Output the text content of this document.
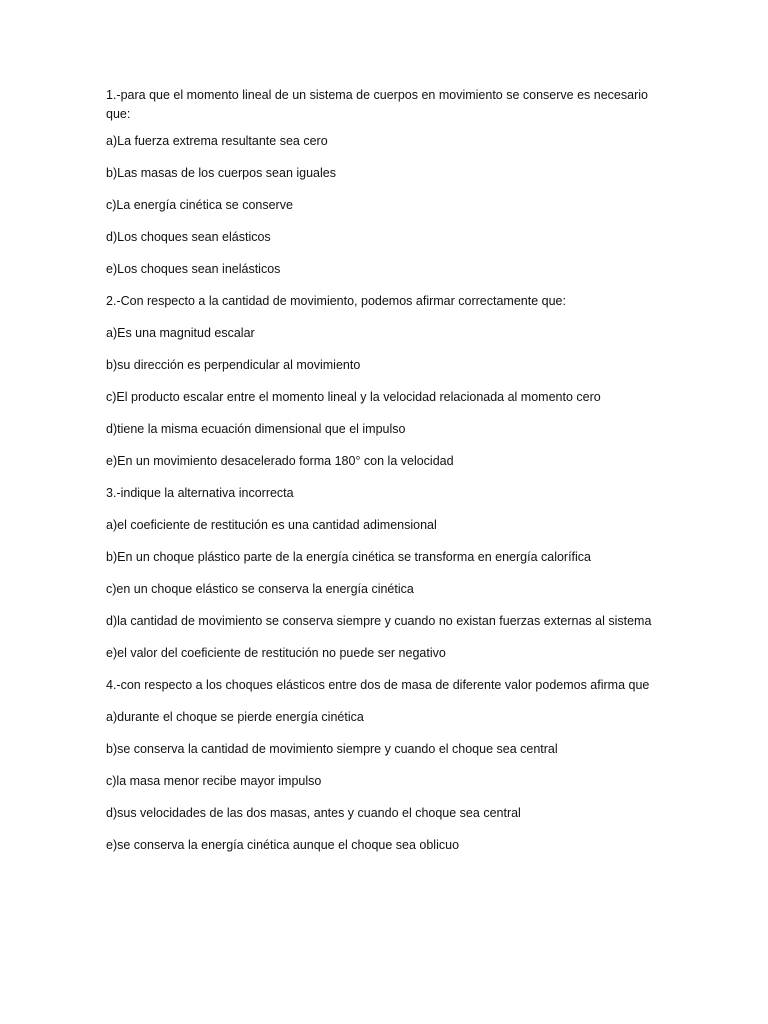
1.-para que el momento lineal de un sistema de cuerpos en movimiento se conserve es necesario que:

a)La fuerza extrema resultante sea cero

b)Las masas de los cuerpos sean iguales

c)La energía cinética se conserve

d)Los choques sean elásticos

e)Los choques sean inelásticos

2.-Con respecto a la cantidad de movimiento, podemos afirmar correctamente que:

a)Es una magnitud escalar

b)su dirección es perpendicular al movimiento

c)El producto escalar entre el momento lineal y la velocidad relacionada al momento cero

d)tiene la misma ecuación dimensional que el impulso

e)En un movimiento desacelerado forma 180° con la velocidad

3.-indique la alternativa incorrecta

a)el coeficiente de restitución es una cantidad adimensional

b)En un choque plástico parte de la energía cinética se transforma en energía calorífica

c)en un choque elástico se conserva la energía cinética

d)la cantidad de movimiento se conserva siempre y cuando no existan fuerzas externas al sistema

e)el valor del coeficiente de restitución no puede ser negativo

4.-con respecto a los choques elásticos entre dos de masa de diferente valor podemos afirma que

a)durante el choque se pierde energía cinética

b)se conserva la cantidad de movimiento siempre y cuando el choque sea central

c)la masa menor recibe mayor impulso

d)sus velocidades de las dos masas, antes y cuando el choque sea central

e)se conserva la energía cinética aunque el choque sea oblicuo
